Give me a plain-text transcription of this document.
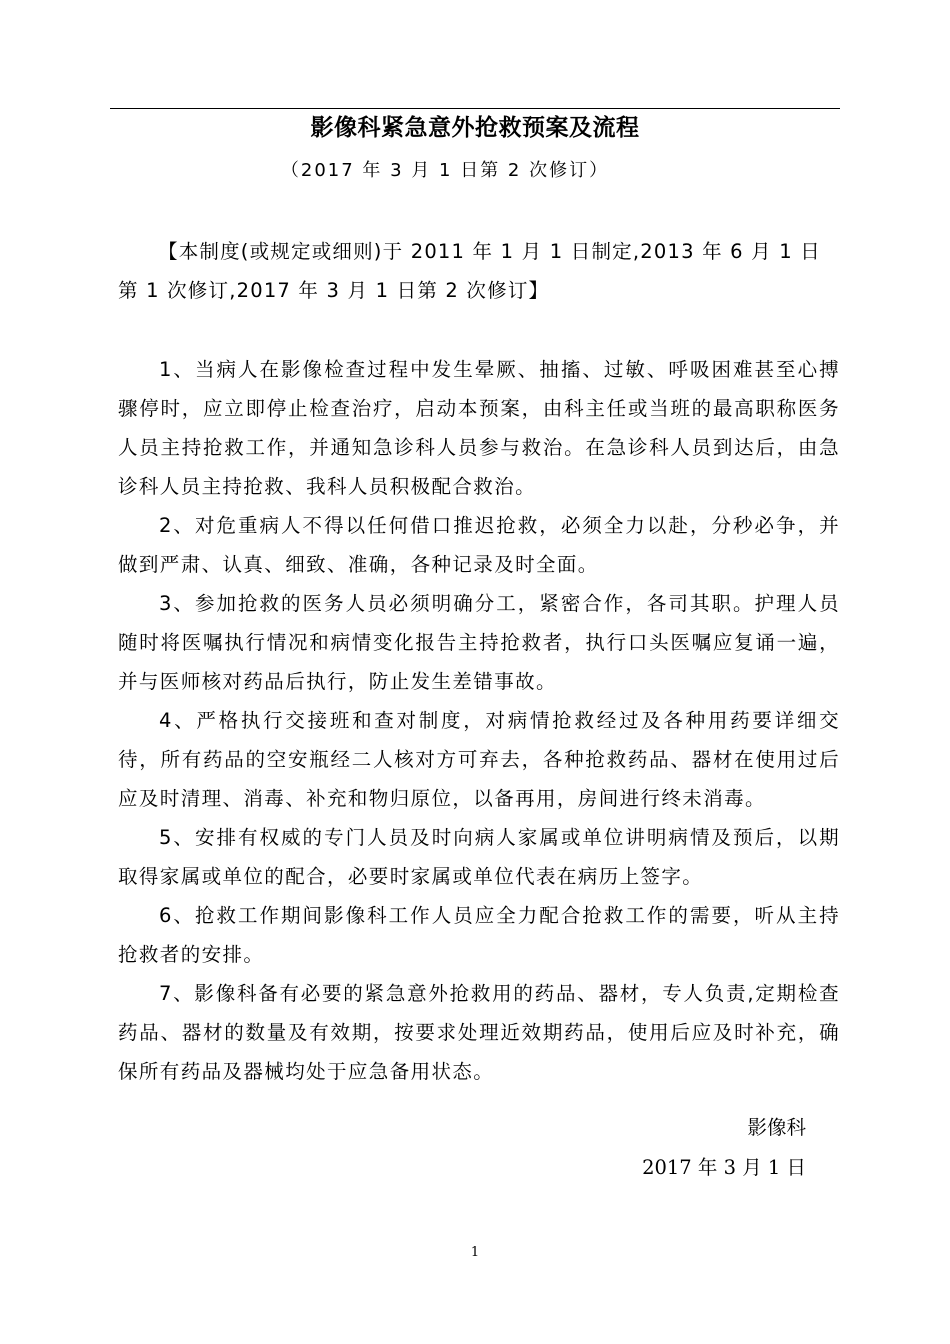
影像科紧急意外抢救预案及流程
（2017 年 3 月 1 日第 2 次修订）
【本制度(或规定或细则)于 2011 年 1 月 1 日制定,2013 年 6 月 1 日第 1 次修订,2017 年 3 月 1 日第 2 次修订】

1、当病人在影像检查过程中发生晕厥、抽搐、过敏、呼吸困难甚至心搏骤停时，应立即停止检查治疗，启动本预案，由科主任或当班的最高职称医务人员主持抢救工作，并通知急诊科人员参与救治。在急诊科人员到达后，由急诊科人员主持抢救、我科人员积极配合救治。

2、对危重病人不得以任何借口推迟抢救，必须全力以赴，分秒必争，并做到严肃、认真、细致、准确，各种记录及时全面。

3、参加抢救的医务人员必须明确分工，紧密合作，各司其职。护理人员随时将医嘱执行情况和病情变化报告主持抢救者，执行口头医嘱应复诵一遍，并与医师核对药品后执行，防止发生差错事故。

4、严格执行交接班和查对制度，对病情抢救经过及各种用药要详细交待，所有药品的空安瓶经二人核对方可弃去，各种抢救药品、器材在使用过后应及时清理、消毒、补充和物归原位，以备再用，房间进行终未消毒。

5、安排有权威的专门人员及时向病人家属或单位讲明病情及预后，以期取得家属或单位的配合，必要时家属或单位代表在病历上签字。

6、抢救工作期间影像科工作人员应全力配合抢救工作的需要，听从主持抢救者的安排。

7、影像科备有必要的紧急意外抢救用的药品、器材，专人负责,定期检查药品、器材的数量及有效期，按要求处理近效期药品，使用后应及时补充，确保所有药品及器械均处于应急备用状态。

影像科
2017 年 3 月 1 日
1
